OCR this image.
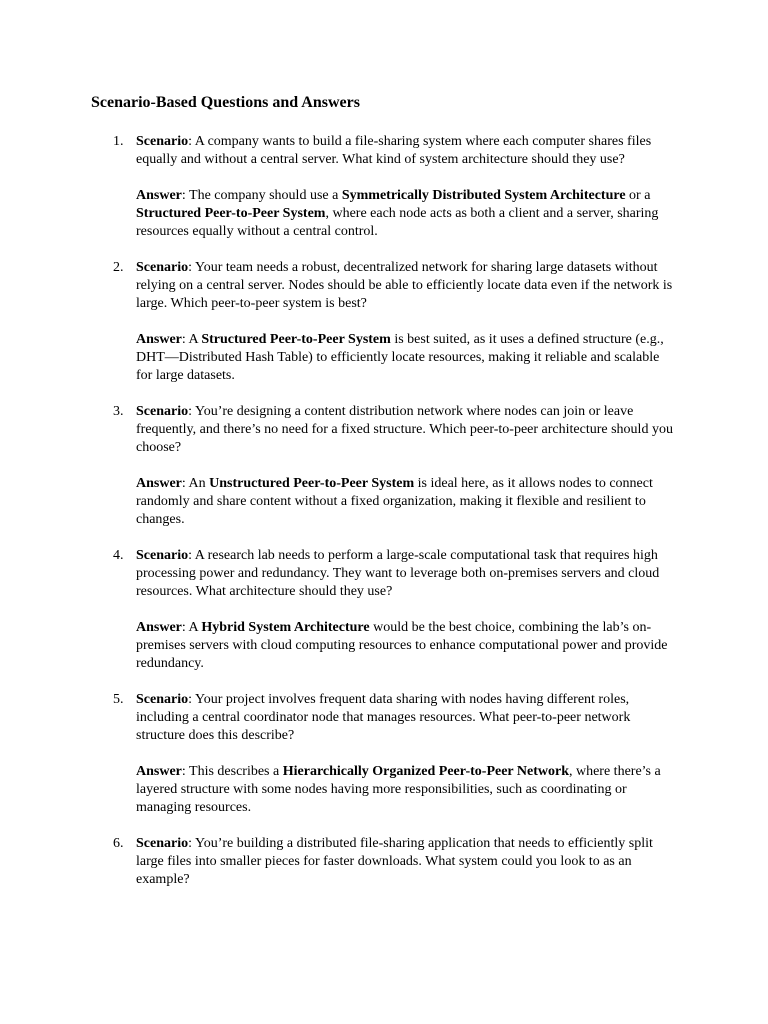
Scenario-Based Questions and Answers
1. Scenario: A company wants to build a file-sharing system where each computer shares files equally and without a central server. What kind of system architecture should they use?

Answer: The company should use a Symmetrically Distributed System Architecture or a Structured Peer-to-Peer System, where each node acts as both a client and a server, sharing resources equally without a central control.

2. Scenario: Your team needs a robust, decentralized network for sharing large datasets without relying on a central server. Nodes should be able to efficiently locate data even if the network is large. Which peer-to-peer system is best?

Answer: A Structured Peer-to-Peer System is best suited, as it uses a defined structure (e.g., DHT—Distributed Hash Table) to efficiently locate resources, making it reliable and scalable for large datasets.

3. Scenario: You’re designing a content distribution network where nodes can join or leave frequently, and there’s no need for a fixed structure. Which peer-to-peer architecture should you choose?

Answer: An Unstructured Peer-to-Peer System is ideal here, as it allows nodes to connect randomly and share content without a fixed organization, making it flexible and resilient to changes.

4. Scenario: A research lab needs to perform a large-scale computational task that requires high processing power and redundancy. They want to leverage both on-premises servers and cloud resources. What architecture should they use?

Answer: A Hybrid System Architecture would be the best choice, combining the lab’s on-premises servers with cloud computing resources to enhance computational power and provide redundancy.

5. Scenario: Your project involves frequent data sharing with nodes having different roles, including a central coordinator node that manages resources. What peer-to-peer network structure does this describe?

Answer: This describes a Hierarchically Organized Peer-to-Peer Network, where there’s a layered structure with some nodes having more responsibilities, such as coordinating or managing resources.

6. Scenario: You’re building a distributed file-sharing application that needs to efficiently split large files into smaller pieces for faster downloads. What system could you look to as an example?
